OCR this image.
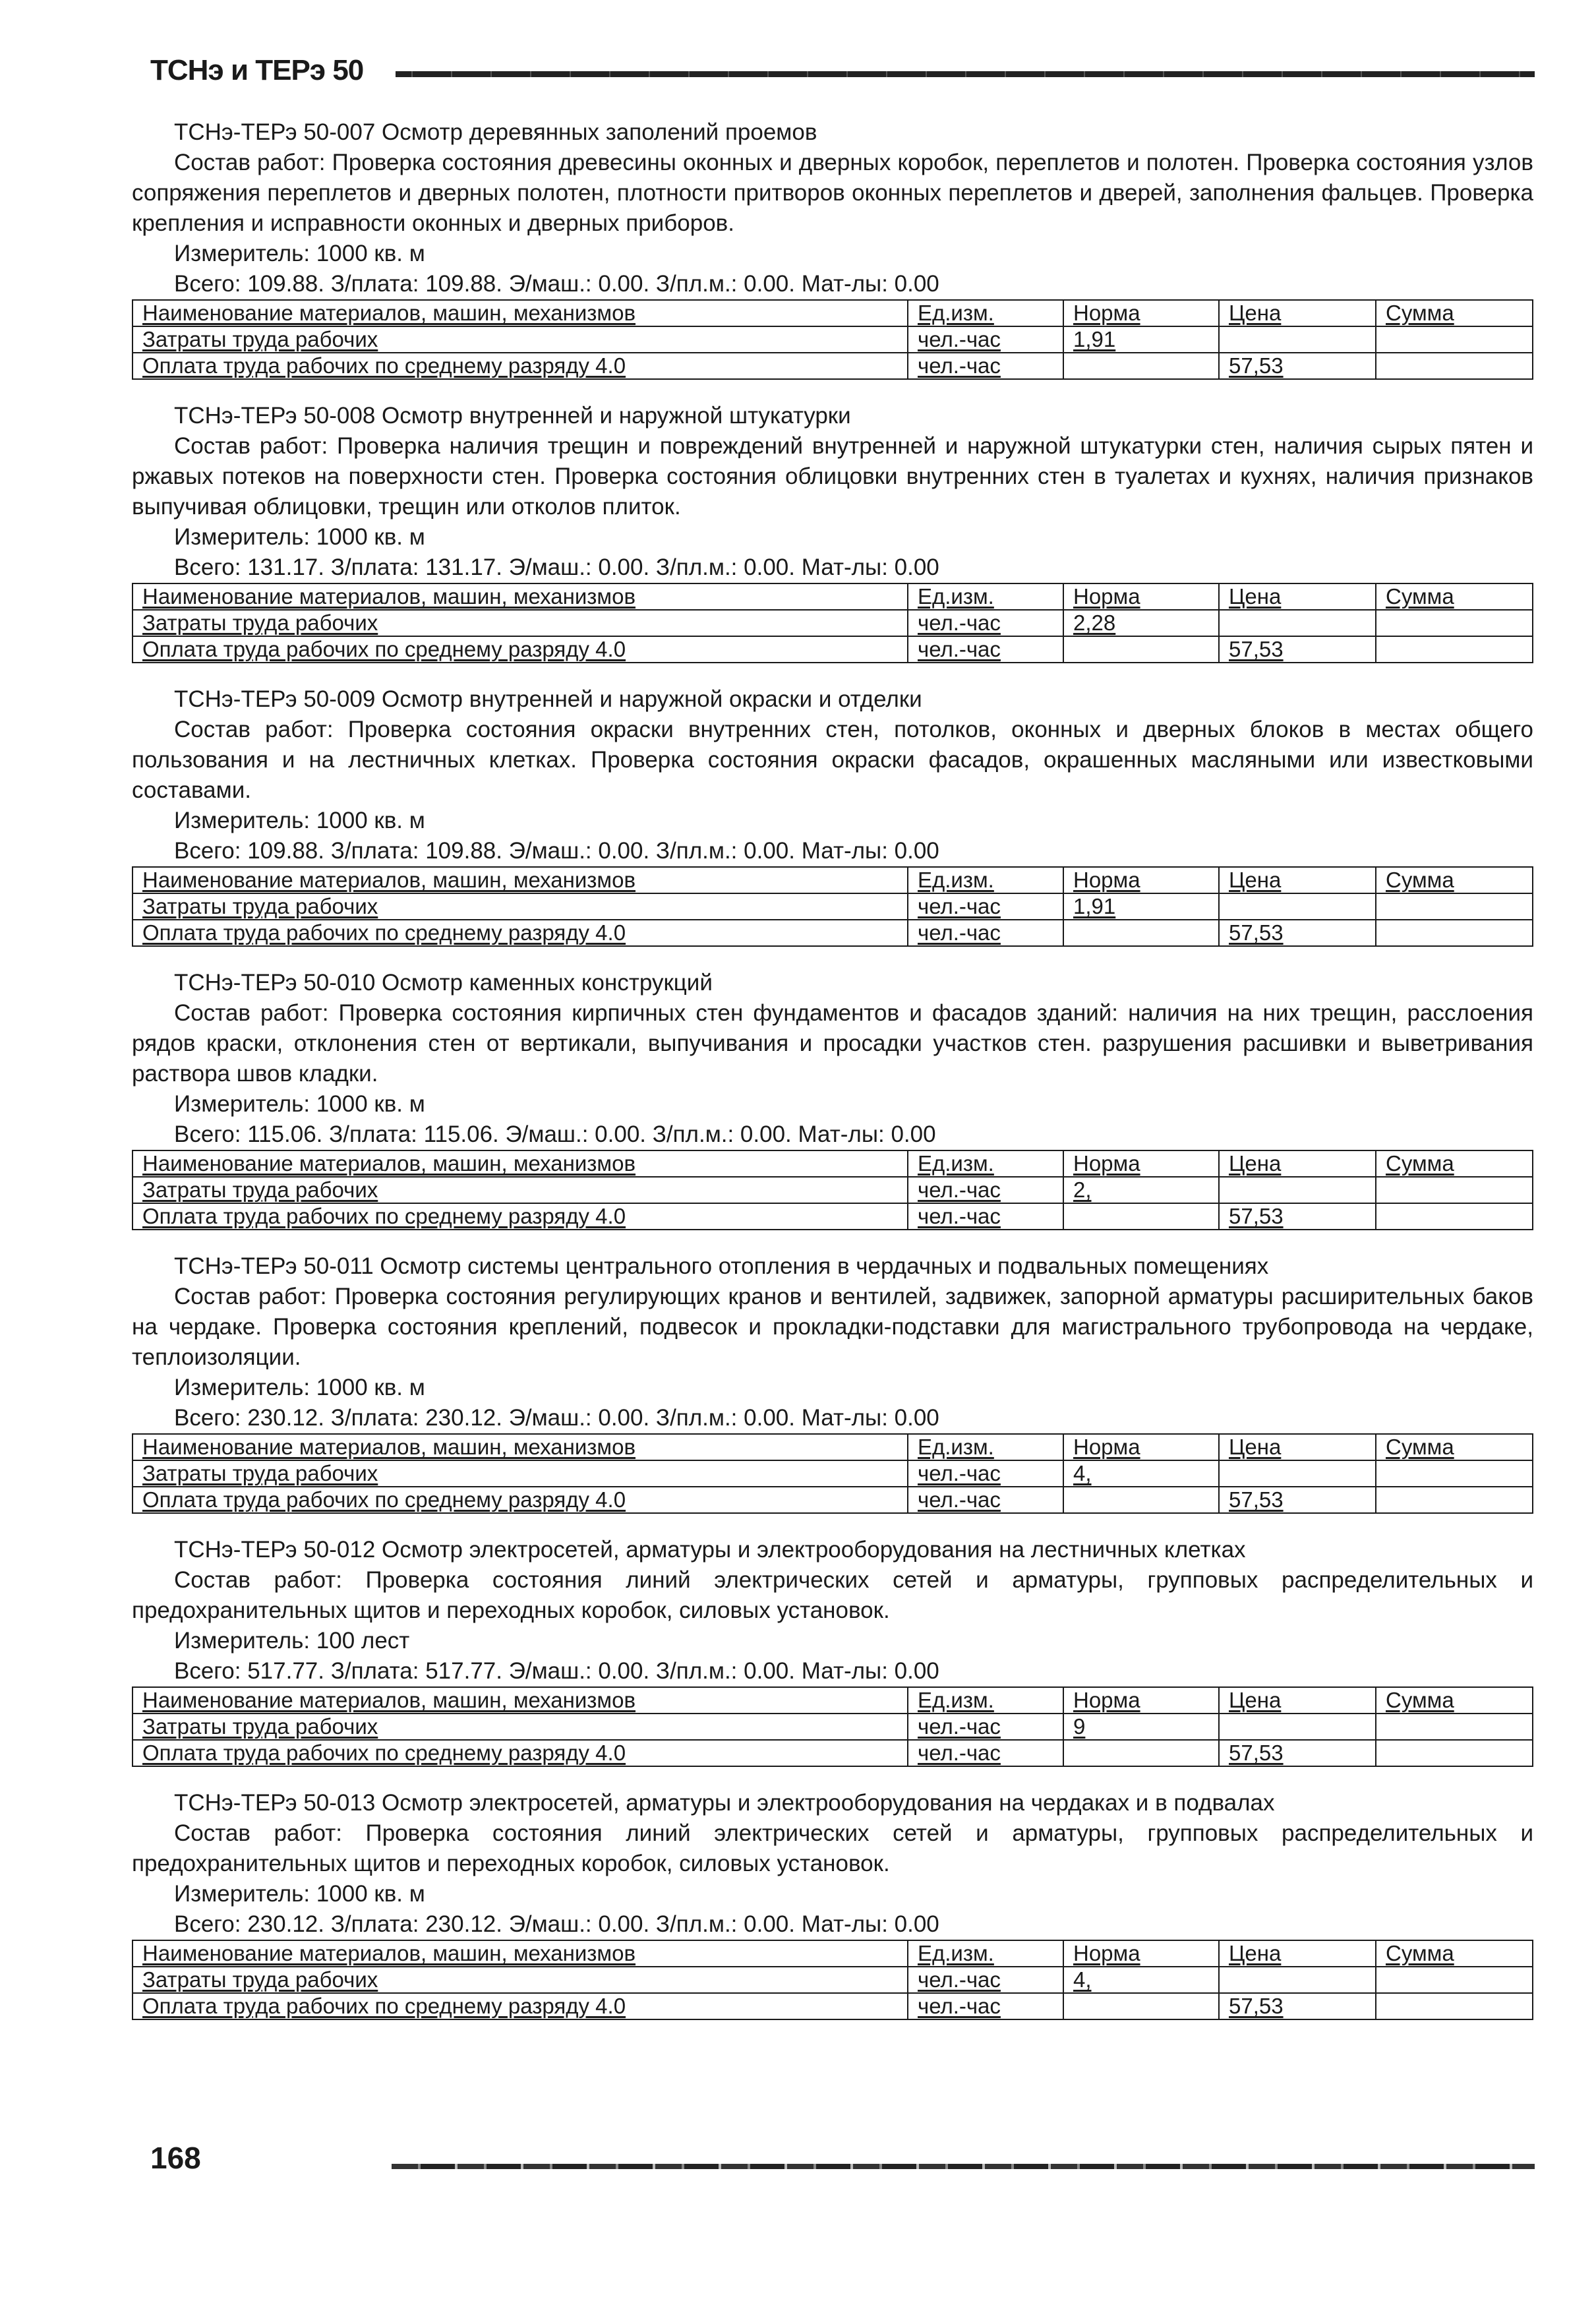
ТСНэ и ТЕРэ 50
ТСНэ-ТЕРэ 50-007 Осмотр деревянных заполений проемов
Состав работ: Проверка состояния древесины оконных и дверных коробок, переплетов и полотен. Проверка состояния узлов сопряжения переплетов и дверных полотен, плотности притворов оконных переплетов и дверей, заполнения фальцев. Проверка крепления и исправности оконных и дверных приборов.
Измеритель: 1000 кв. м
Всего: 109.88. З/плата: 109.88. Э/маш.: 0.00. З/пл.м.: 0.00. Мат-лы: 0.00
Наименование материалов, машин, механизмов	Ед.изм.	Норма	Цена	Сумма
Затраты труда рабочих	чел.-час	1,91		
Оплата труда рабочих по среднему разряду 4.0	чел.-час		57,53	
ТСНэ-ТЕРэ 50-008 Осмотр внутренней и наружной штукатурки
Состав работ: Проверка наличия трещин и повреждений внутренней и наружной штукатурки стен, наличия сырых пятен и ржавых потеков на поверхности стен. Проверка состояния облицовки внутренних стен в туалетах и кухнях, наличия признаков выпучивая облицовки, трещин или отколов плиток.
Измеритель: 1000 кв. м
Всего: 131.17. З/плата: 131.17. Э/маш.: 0.00. З/пл.м.: 0.00. Мат-лы: 0.00
Наименование материалов, машин, механизмов	Ед.изм.	Норма	Цена	Сумма
Затраты труда рабочих	чел.-час	2,28		
Оплата труда рабочих по среднему разряду 4.0	чел.-час		57,53	
ТСНэ-ТЕРэ 50-009 Осмотр внутренней и наружной окраски и отделки
Состав работ: Проверка состояния окраски внутренних стен, потолков, оконных и дверных блоков в местах общего пользования и на лестничных клетках. Проверка состояния окраски фасадов, окрашенных масляными или известковыми составами.
Измеритель: 1000 кв. м
Всего: 109.88. З/плата: 109.88. Э/маш.: 0.00. З/пл.м.: 0.00. Мат-лы: 0.00
Наименование материалов, машин, механизмов	Ед.изм.	Норма	Цена	Сумма
Затраты труда рабочих	чел.-час	1,91		
Оплата труда рабочих по среднему разряду 4.0	чел.-час		57,53	
ТСНэ-ТЕРэ 50-010 Осмотр каменных конструкций
Состав работ: Проверка состояния кирпичных стен фундаментов и фасадов зданий: наличия на них трещин, расслоения рядов краски, отклонения стен от вертикали, выпучивания и просадки участков стен. разрушения расшивки и выветривания раствора швов кладки.
Измеритель: 1000 кв. м
Всего: 115.06. З/плата: 115.06. Э/маш.: 0.00. З/пл.м.: 0.00. Мат-лы: 0.00
Наименование материалов, машин, механизмов	Ед.изм.	Норма	Цена	Сумма
Затраты труда рабочих	чел.-час	2,		
Оплата труда рабочих по среднему разряду 4.0	чел.-час		57,53	
ТСНэ-ТЕРэ 50-011 Осмотр системы центрального отопления в чердачных и подвальных помещениях
Состав работ: Проверка состояния регулирующих кранов и вентилей, задвижек, запорной арматуры расширительных баков на чердаке. Проверка состояния креплений, подвесок и прокладки-подставки для магистрального трубопровода на чердаке, теплоизоляции.
Измеритель: 1000 кв. м
Всего: 230.12. З/плата: 230.12. Э/маш.: 0.00. З/пл.м.: 0.00. Мат-лы: 0.00
Наименование материалов, машин, механизмов	Ед.изм.	Норма	Цена	Сумма
Затраты труда рабочих	чел.-час	4,		
Оплата труда рабочих по среднему разряду 4.0	чел.-час		57,53	
ТСНэ-ТЕРэ 50-012 Осмотр электросетей, арматуры и электрооборудования на лестничных клетках
Состав работ: Проверка состояния линий электрических сетей и арматуры, групповых распределительных и предохранительных щитов и переходных коробок, силовых установок.
Измеритель: 100 лест
Всего: 517.77. З/плата: 517.77. Э/маш.: 0.00. З/пл.м.: 0.00. Мат-лы: 0.00
Наименование материалов, машин, механизмов	Ед.изм.	Норма	Цена	Сумма
Затраты труда рабочих	чел.-час	9		
Оплата труда рабочих по среднему разряду 4.0	чел.-час		57,53	
ТСНэ-ТЕРэ 50-013 Осмотр электросетей, арматуры и электрооборудования на чердаках и в подвалах
Состав работ: Проверка состояния линий электрических сетей и арматуры, групповых распределительных и предохранительных щитов и переходных коробок, силовых установок.
Измеритель: 1000 кв. м
Всего: 230.12. З/плата: 230.12. Э/маш.: 0.00. З/пл.м.: 0.00. Мат-лы: 0.00
Наименование материалов, машин, механизмов	Ед.изм.	Норма	Цена	Сумма
Затраты труда рабочих	чел.-час	4,		
Оплата труда рабочих по среднему разряду 4.0	чел.-час		57,53	
168
